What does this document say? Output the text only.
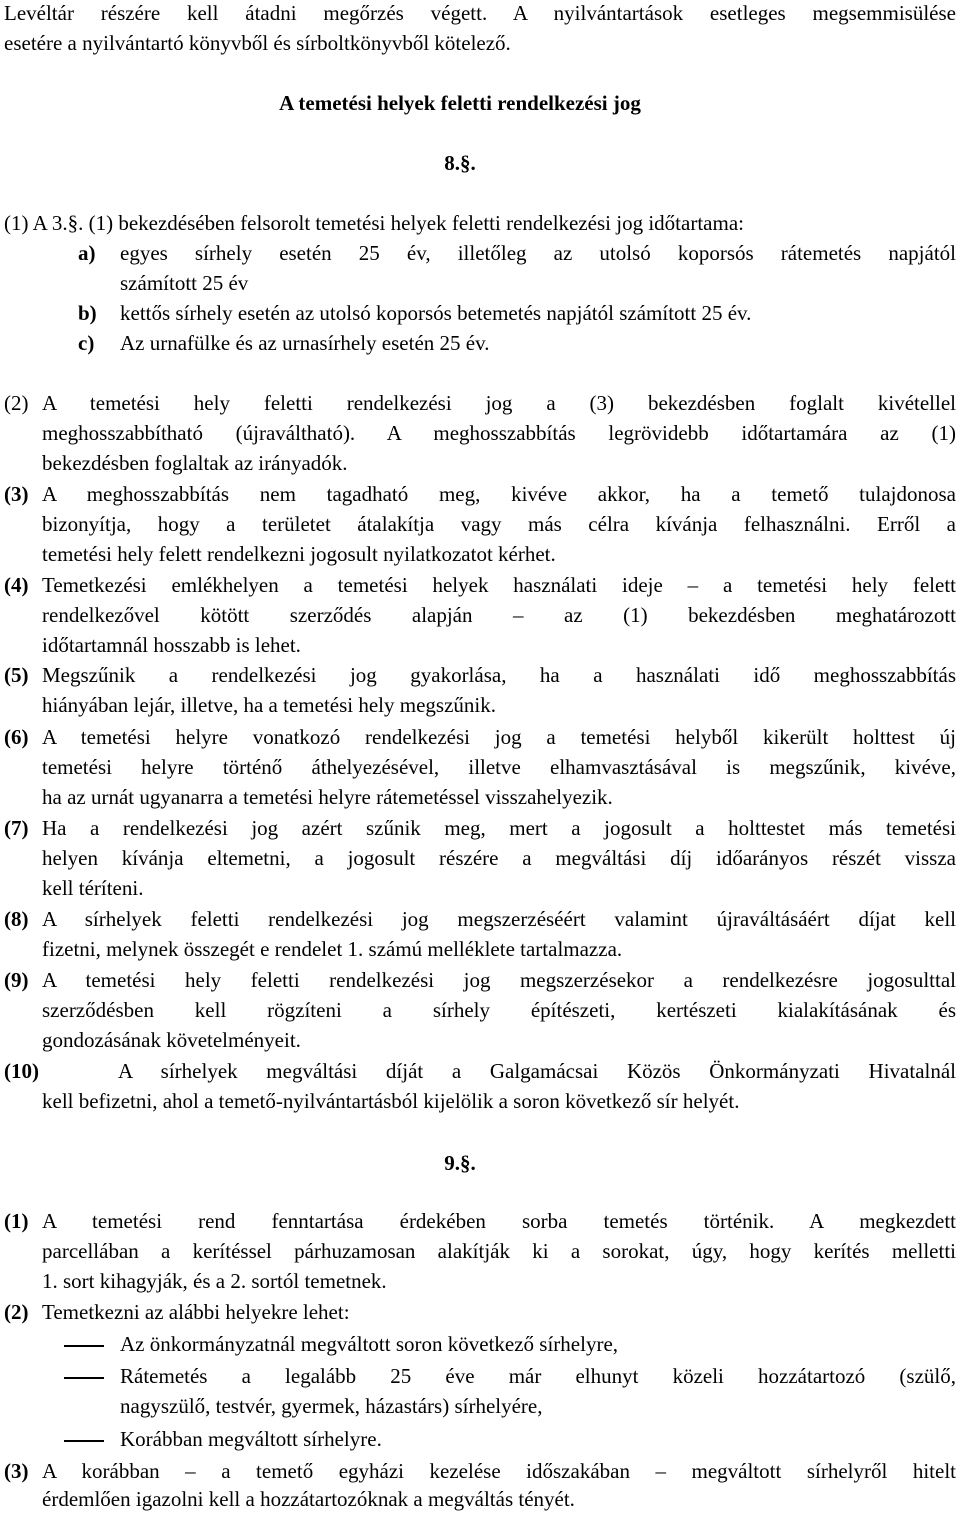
Levéltár részére kell átadni megőrzés végett. A nyilvántartások esetleges megsemmisülése
esetére a nyilvántartó könyvből és sírboltkönyvből kötelező.
A temetési helyek feletti rendelkezési jog
8.§.
(1) A 3.§. (1) bekezdésében felsorolt temetési helyek feletti rendelkezési jog időtartama:
a) egyes sírhely esetén 25 év, illetőleg az utolsó koporsós rátemetés napjától
számított 25 év
b) kettős sírhely esetén az utolsó koporsós betemetés napjától számított 25 év.
c) Az urnafülke és az urnasírhely esetén 25 év.
(2) A temetési hely feletti rendelkezési jog a (3) bekezdésben foglalt kivétellel
meghosszabbítható (újraváltható). A meghosszabbítás legrövidebb időtartamára az (1)
bekezdésben foglaltak az irányadók.
(3) A meghosszabbítás nem tagadható meg, kivéve akkor, ha a temető tulajdonosa
bizonyítja, hogy a területet átalakítja vagy más célra kívánja felhasználni. Erről a
temetési hely felett rendelkezni jogosult nyilatkozatot kérhet.
(4) Temetkezési emlékhelyen a temetési helyek használati ideje – a temetési hely felett
rendelkezővel kötött szerződés alapján – az (1) bekezdésben meghatározott
időtartamnál hosszabb is lehet.
(5) Megszűnik a rendelkezési jog gyakorlása, ha a használati idő meghosszabbítás
hiányában lejár, illetve, ha a temetési hely megszűnik.
(6) A temetési helyre vonatkozó rendelkezési jog a temetési helyből kikerült holttest új
temetési helyre történő áthelyezésével, illetve elhamvasztásával is megszűnik, kivéve,
ha az urnát ugyanarra a temetési helyre rátemetéssel visszahelyezik.
(7) Ha a rendelkezési jog azért szűnik meg, mert a jogosult a holttestet más temetési
helyen kívánja eltemetni, a jogosult részére a megváltási díj időarányos részét vissza
kell téríteni.
(8) A sírhelyek feletti rendelkezési jog megszerzéséért valamint újraváltásáért díjat kell
fizetni, melynek összegét e rendelet 1. számú melléklete tartalmazza.
(9) A temetési hely feletti rendelkezési jog megszerzésekor a rendelkezésre jogosulttal
szerződésben kell rögzíteni a sírhely építészeti, kertészeti kialakításának és
gondozásának követelményeit.
(10)	A sírhelyek megváltási díját a Galgamácsai Közös Önkormányzati Hivatalnál
kell befizetni, ahol a temető-nyilvántartásból kijelölik a soron következő sír helyét.
9.§.
(1) A temetési rend fenntartása érdekében sorba temetés történik. A megkezdett
parcellában a kerítéssel párhuzamosan alakítják ki a sorokat, úgy, hogy kerítés melletti
1. sort kihagyják, és a 2. sortól temetnek.
(2) Temetkezni az alábbi helyekre lehet:
Az önkormányzatnál megváltott soron következő sírhelyre,
Rátemetés a legalább 25 éve már elhunyt közeli hozzátartozó (szülő,
nagyszülő, testvér, gyermek, házastárs) sírhelyére,
Korábban megváltott sírhelyre.
(3) A korábban – a temető egyházi kezelése időszakában – megváltott sírhelyről hitelt
érdemlően igazolni kell a hozzátartozóknak a megváltás tényét.
